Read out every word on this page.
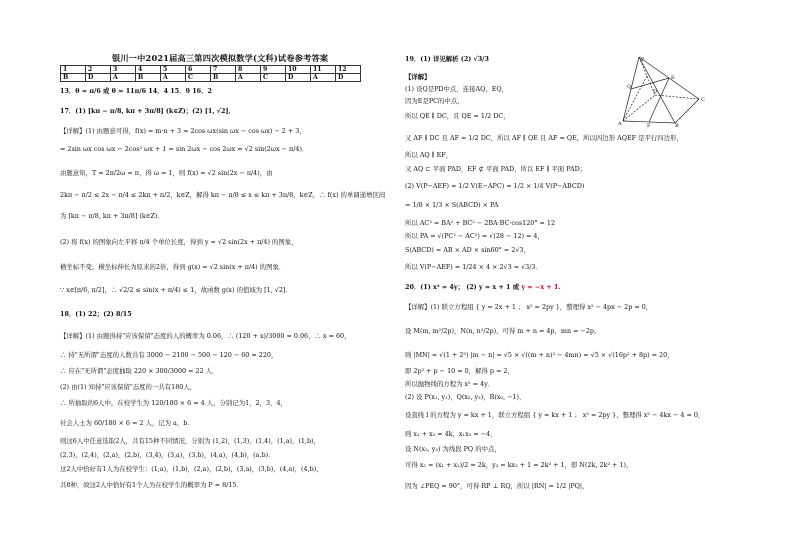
银川一中2021届高三第四次模拟数学(文科)试卷参考答案
1	2	3	4	5	6	7	8	9	10	11	12
B	D	A	B	A	C	B	A	C	D	A	D
13．θ = π/6 或 θ = 11π/6 14．4 15．9 16．2
17．(1) [kπ − π/8, kπ + 3π/8] (k∈Z)；(2) [1, √2]．
【详解】(1) 由题意可得，f(x) = m·n + 3 = 2cos ωx(sin ωx − cos ωx) − 2 + 3，
= 2sin ωx cos ωx − 2cos² ωx + 1 = sin 2ωx − cos 2ωx = √2 sin(2ωx − π/4)．
由题意知，T = 2π/2ω = π，得 ω = 1，则 f(x) = √2 sin(2x − π/4)，由
2kπ − π/2 ≤ 2x − π/4 ≤ 2kπ + π/2，k∈Z，解得 kπ − π/8 ≤ x ≤ kπ + 3π/8，k∈Z，∴ f(x) 的单调递增区间
为 [kπ − π/8, kπ + 3π/8] (k∈Z)．
(2) 将 f(x) 的图象向左平移 π/4 个单位长度，得到 y = √2 sin(2x + π/4) 的图象，
横坐标不变，横坐标伸长为原来的2倍，得到 g(x) = √2 sin(x + π/4) 的图象．
∵ x∈[π/6, π/2]，∴ √2/2 ≤ sin(x + π/4) ≤ 1，故函数 g(x) 的值域为 [1, √2]．
18．(1) 22；(2) 8/15
【详解】(1) 由题得持"应该保留"态度的人的概率为 0.06，∴ (120 + x)/3000 = 0.06，∴ x = 60，
∴ 持"无所谓"态度的人数共有 3000 − 2100 − 500 − 120 − 60 = 220，
∴ 应在"无所谓"态度抽取 220 × 300/3000 = 22 人．
(2) 由(1) 知持"应该保留"态度的一共有180人，
∴ 所抽取的6人中，在校学生为 120/180 × 6 = 4 人，分别记为1，2，3，4，
社会人士为 60/180 × 6 = 2 人，记为 a，b．
则这6人中任意选取2人，共有15种不同情况，分别为 (1,2)，(1,3)，(1,4)，(1,a)，(1,b)，
(2,3)，(2,4)，(2,a)，(2,b)，(3,4)，(3,a)，(3,b)，(4,a)，(4,b)，(a,b)．
这2人中恰好有1人为在校学生：(1,a)，(1,b)，(2,a)，(2,b)，(3,a)，(3,b)，(4,a)，(4,b)，
共8种，故这2人中恰好有1个人为在校学生的概率为 P = 8/15．
19．(1) 详见解析 (2) √3/3
【详解】
(1) 设Q是PD中点，连接AQ，EQ，
因为E是PC的中点，
所以 QE ∥ DC，且 QE = 1/2 DC，
又 AF ∥ DC 且 AF = 1/2 DC，所以 AF ∥ QE 且 AF = QE，所以四边形 AQEF 是平行四边形，
所以 AQ ∥ EF，
又 AQ ⊂ 平面 PAD，EF ⊄ 平面 PAD，所以 EF ∥ 平面 PAD；
(2) V(P−AEF) = 1/2 V(E−APC) = 1/2 × 1/4 V(P−ABCD)
= 1/8 × 1/3 × S(ABCD) × PA
所以 AC² = BA² + BC² − 2BA·BC·cos120° = 12
所以 PA = √(PC² − AC²) = √(28 − 12) = 4，
S(ABCD) = AB × AD × sin60° = 2√3，
所以 V(P−AEF) = 1/24 × 4 × 2√3 = √3/3．
20．(1) x² = 4y； (2) y = x + 1 或 y = −x + 1.
【详解】(1) 联立方程组 { y = 2x + 1 ； x² = 2py }，整理得 x² − 4px − 2p = 0，
设 M(m, m²/2p)，N(n, n²/2p)，可得 m + n = 4p，mn = −2p，
则 |MN| = √(1 + 2²) |m − n| = √5 × √((m + n)² − 4mn) = √5 × √(16p² + 8p) = 20，
即 2p² + p − 10 = 0，解得 p = 2，
所以抛物线的方程为 x² = 4y．
(2) 设 P(x₁, y₁)，Q(x₂, y₂)，R(x₀, −1)，
设直线 l 的方程为 y = kx + 1，联立方程组 { y = kx + 1 ； x² = 2py }，整理得 x² − 4kx − 4 = 0，
则 x₁ + x₂ = 4k，x₁x₂ = −4，
设 N(x₃, y₃) 为线段 PQ 的中点，
可得 x₃ = (x₁ + x₂)/2 = 2k，y₃ = kx₃ + 1 = 2k² + 1，即 N(2k, 2k² + 1)，
因为 ∠PEQ = 90°，可得 RP ⊥ RQ，所以 |RN| = 1/2 |PQ|，
P
Q
E
A	B
C
D
F
